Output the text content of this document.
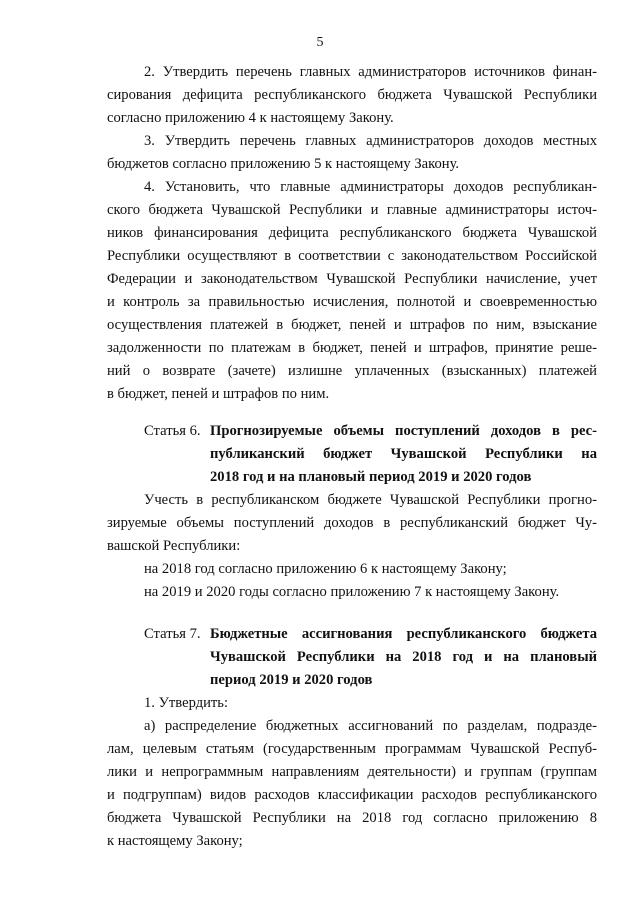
5
2. Утвердить перечень главных администраторов источников финан-
сирования дефицита республиканского бюджета Чувашской Республики
согласно приложению 4 к настоящему Закону.
3. Утвердить перечень главных администраторов доходов местных
бюджетов согласно приложению 5 к настоящему Закону.
4. Установить, что главные администраторы доходов республикан-
ского бюджета Чувашской Республики и главные администраторы источ-
ников финансирования дефицита республиканского бюджета Чувашской
Республики осуществляют в соответствии с законодательством Российской
Федерации и законодательством Чувашской Республики начисление, учет
и контроль за правильностью исчисления, полнотой и своевременностью
осуществления платежей в бюджет, пеней и штрафов по ним, взыскание
задолженности по платежам в бюджет, пеней и штрафов, принятие реше-
ний о возврате (зачете) излишне уплаченных (взысканных) платежей
в бюджет, пеней и штрафов по ним.
Статья 6. Прогнозируемые объемы поступлений доходов в рес-
публиканский бюджет Чувашской Республики на
2018 год и на плановый период 2019 и 2020 годов
Учесть в республиканском бюджете Чувашской Республики прогно-
зируемые объемы поступлений доходов в республиканский бюджет Чу-
вашской Республики:
на 2018 год согласно приложению 6 к настоящему Закону;
на 2019 и 2020 годы согласно приложению 7 к настоящему Закону.
Статья 7. Бюджетные ассигнования республиканского бюджета
Чувашской Республики на 2018 год и на плановый
период 2019 и 2020 годов
1. Утвердить:
а) распределение бюджетных ассигнований по разделам, подразде-
лам, целевым статьям (государственным программам Чувашской Респуб-
лики и непрограммным направлениям деятельности) и группам (группам
и подгруппам) видов расходов классификации расходов республиканского
бюджета Чувашской Республики на 2018 год согласно приложению 8
к настоящему Закону;
